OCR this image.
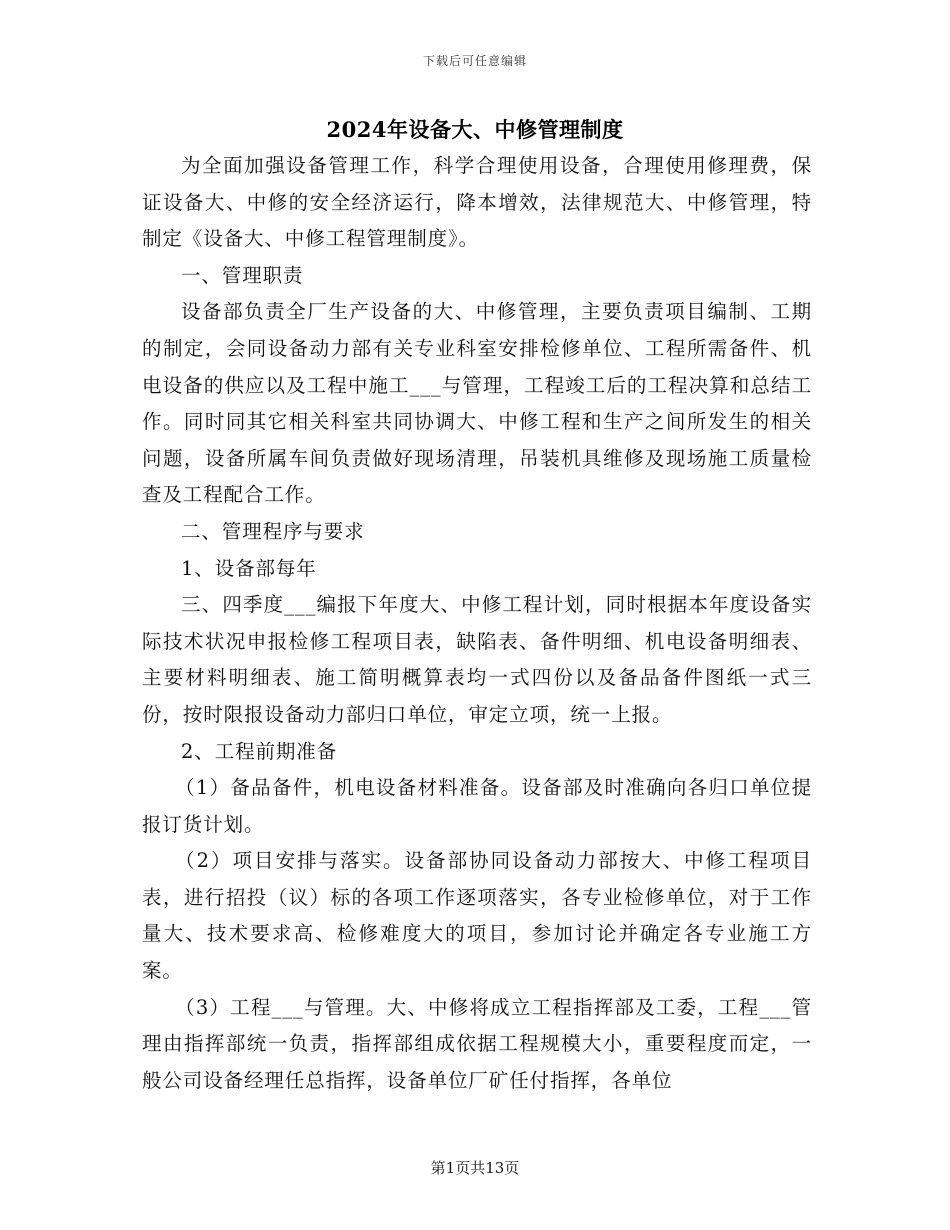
下载后可任意编辑
2024年设备大、中修管理制度

为全面加强设备管理工作，科学合理使用设备，合理使用修理费，保证设备大、中修的安全经济运行，降本增效，法律规范大、中修管理，特制定《设备大、中修工程管理制度》。

一、管理职责

设备部负责全厂生产设备的大、中修管理，主要负责项目编制、工期的制定，会同设备动力部有关专业科室安排检修单位、工程所需备件、机电设备的供应以及工程中施工___与管理，工程竣工后的工程决算和总结工作。同时同其它相关科室共同协调大、中修工程和生产之间所发生的相关问题，设备所属车间负责做好现场清理，吊装机具维修及现场施工质量检查及工程配合工作。

二、管理程序与要求

1、设备部每年

三、四季度___编报下年度大、中修工程计划，同时根据本年度设备实际技术状况申报检修工程项目表，缺陷表、备件明细、机电设备明细表、主要材料明细表、施工简明概算表均一式四份以及备品备件图纸一式三份，按时限报设备动力部归口单位，审定立项，统一上报。

2、工程前期准备

（1）备品备件，机电设备材料准备。设备部及时准确向各归口单位提报订货计划。

（2）项目安排与落实。设备部协同设备动力部按大、中修工程项目表，进行招投（议）标的各项工作逐项落实，各专业检修单位，对于工作量大、技术要求高、检修难度大的项目，参加讨论并确定各专业施工方案。

（3）工程___与管理。大、中修将成立工程指挥部及工委，工程___管理由指挥部统一负责，指挥部组成依据工程规模大小，重要程度而定，一般公司设备经理任总指挥，设备单位厂矿任付指挥，各单位

第1页共13页
